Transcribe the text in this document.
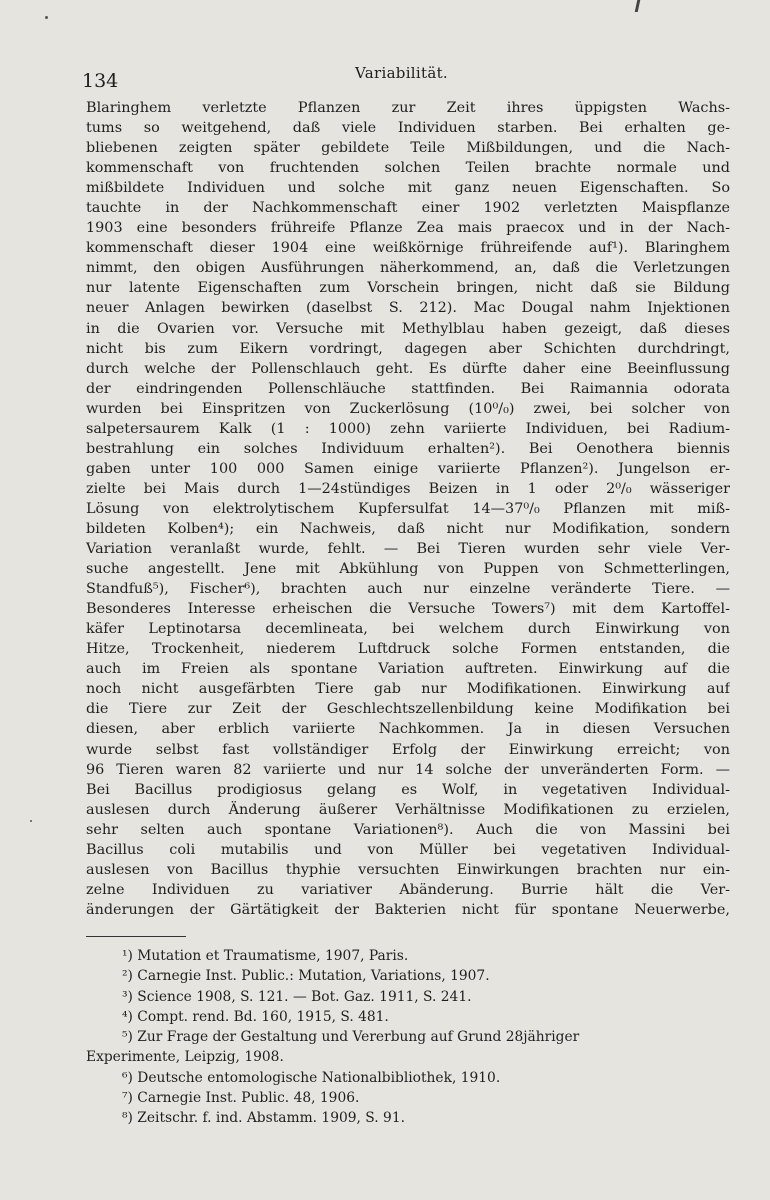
134	Variabilität.
Blaringhem verletzte Pflanzen zur Zeit ihres üppigsten Wachs-
tums so weitgehend, daß viele Individuen starben. Bei erhalten ge-
bliebenen zeigten später gebildete Teile Mißbildungen, und die Nach-
kommenschaft von fruchtenden solchen Teilen brachte normale und
mißbildete Individuen und solche mit ganz neuen Eigenschaften. So
tauchte in der Nachkommenschaft einer 1902 verletzten Maispflanze
1903 eine besonders frühreife Pflanze Zea mais praecox und in der Nach-
kommenschaft dieser 1904 eine weißkörnige frühreifende auf¹). Blaringhem
nimmt, den obigen Ausführungen näherkommend, an, daß die Verletzungen
nur latente Eigenschaften zum Vorschein bringen, nicht daß sie Bildung
neuer Anlagen bewirken (daselbst S. 212). Mac Dougal nahm Injektionen
in die Ovarien vor. Versuche mit Methylblau haben gezeigt, daß dieses
nicht bis zum Eikern vordringt, dagegen aber Schichten durchdringt,
durch welche der Pollenschlauch geht. Es dürfte daher eine Beeinflussung
der eindringenden Pollenschläuche stattfinden. Bei Raimannia odorata
wurden bei Einspritzen von Zuckerlösung (10⁰/₀) zwei, bei solcher von
salpetersaurem Kalk (1 : 1000) zehn variierte Individuen, bei Radium-
bestrahlung ein solches Individuum erhalten²). Bei Oenothera biennis
gaben unter 100 000 Samen einige variierte Pflanzen²). Jungelson er-
zielte bei Mais durch 1—24stündiges Beizen in 1 oder 2⁰/₀ wässeriger
Lösung von elektrolytischem Kupfersulfat 14—37⁰/₀ Pflanzen mit miß-
bildeten Kolben⁴); ein Nachweis, daß nicht nur Modifikation, sondern
Variation veranlaßt wurde, fehlt. — Bei Tieren wurden sehr viele Ver-
suche angestellt. Jene mit Abkühlung von Puppen von Schmetterlingen,
Standfuß⁵), Fischer⁶), brachten auch nur einzelne veränderte Tiere. —
Besonderes Interesse erheischen die Versuche Towers⁷) mit dem Kartoffel-
käfer Leptinotarsa decemlineata, bei welchem durch Einwirkung von
Hitze, Trockenheit, niederem Luftdruck solche Formen entstanden, die
auch im Freien als spontane Variation auftreten. Einwirkung auf die
noch nicht ausgefärbten Tiere gab nur Modifikationen. Einwirkung auf
die Tiere zur Zeit der Geschlechtszellenbildung keine Modifikation bei
diesen, aber erblich variierte Nachkommen. Ja in diesen Versuchen
wurde selbst fast vollständiger Erfolg der Einwirkung erreicht; von
96 Tieren waren 82 variierte und nur 14 solche der unveränderten Form. —
Bei Bacillus prodigiosus gelang es Wolf, in vegetativen Individual-
auslesen durch Änderung äußerer Verhältnisse Modifikationen zu erzielen,
sehr selten auch spontane Variationen⁸). Auch die von Massini bei
Bacillus coli mutabilis und von Müller bei vegetativen Individual-
auslesen von Bacillus thyphie versuchten Einwirkungen brachten nur ein-
zelne Individuen zu variativer Abänderung. Burrie hält die Ver-
änderungen der Gärtätigkeit der Bakterien nicht für spontane Neuerwerbe,
¹) Mutation et Traumatisme, 1907, Paris.
²) Carnegie Inst. Public.: Mutation, Variations, 1907.
³) Science 1908, S. 121. — Bot. Gaz. 1911, S. 241.
⁴) Compt. rend. Bd. 160, 1915, S. 481.
⁵) Zur Frage der Gestaltung und Vererbung auf Grund 28jähriger
Experimente, Leipzig, 1908.
⁶) Deutsche entomologische Nationalbibliothek, 1910.
⁷) Carnegie Inst. Public. 48, 1906.
⁸) Zeitschr. f. ind. Abstamm. 1909, S. 91.
